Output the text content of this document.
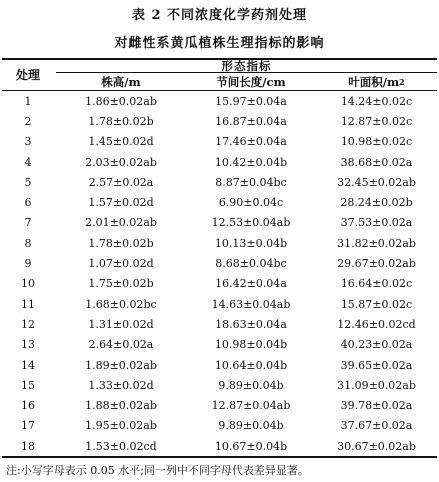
表 2 不同浓度化学药剂处理
对雌性系黄瓜植株生理指标的影响
处理
形态指标
株高/m	节间长度/cm	叶面积/m 2
1	1.86±0.02ab	15.97±0.04a	14.24±0.02c
2	1.78±0.02b	16.87±0.04a	12.87±0.02c
3	1.45±0.02d	17.46±0.04a	10.98±0.02c
4	2.03±0.02ab	10.42±0.04b	38.68±0.02a
5	2.57±0.02a	8.87±0.04bc	32.45±0.02ab
6	1.57±0.02d	6.90±0.04c	28.24±0.02b
7	2.01±0.02ab	12.53±0.04ab	37.53±0.02a
8	1.78±0.02b	10.13±0.04b	31.82±0.02ab
9	1.07±0.02d	8.68±0.04bc	29.67±0.02ab
10	1.75±0.02b	16.42±0.04a	16.64±0.02c
11	1.68±0.02bc	14.63±0.04ab	15.87±0.02c
12	1.31±0.02d	18.63±0.04a	12.46±0.02cd
13	2.64±0.02a	10.98±0.04b	40.23±0.02a
14	1.89±0.02ab	10.64±0.04b	39.65±0.02a
15	1.33±0.02d	9.89±0.04b	31.09±0.02ab
16	1.88±0.02ab	12.87±0.04ab	39.78±0.02a
17	1.95±0.02ab	9.89±0.04b	37.67±0.02a
18	1.53±0.02cd	10.67±0.04b	30.67±0.02ab
注:小写字母表示 0.05 水平;同一列中不同字母代表差异显著。
